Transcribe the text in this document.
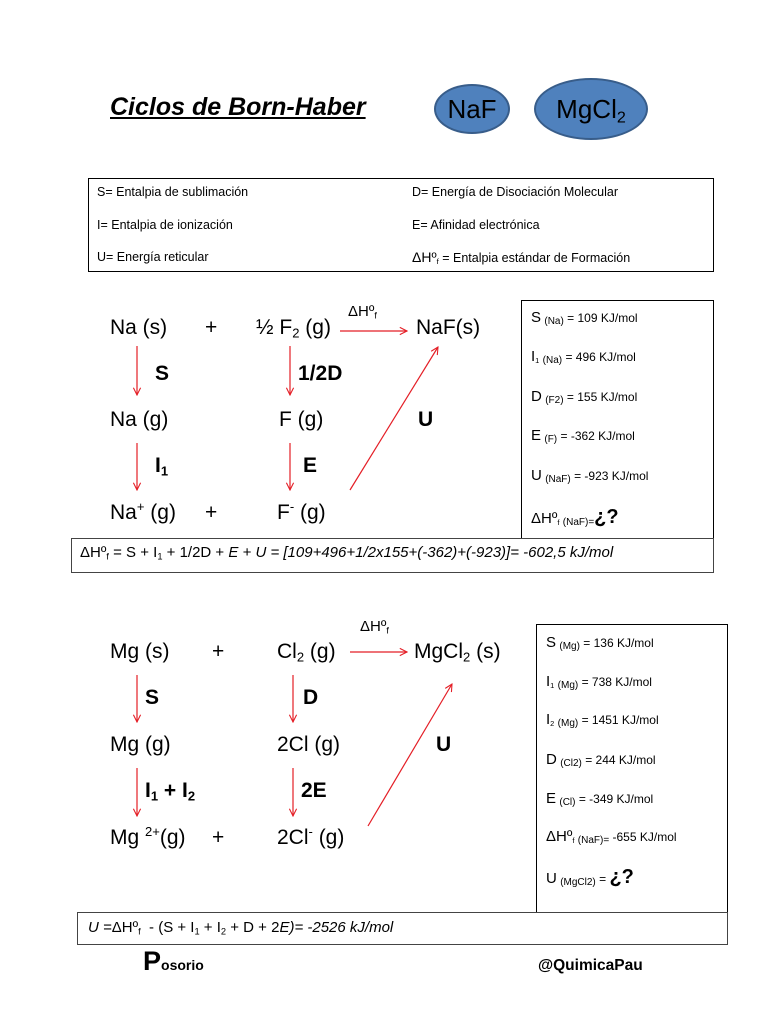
Ciclos de Born-Haber	NaF MgCl2
S= Entalpia de sublimación	D= Energía de Disociación Molecular
I= Entalpia de ionización	E= Afinidad electrónica
U= Energía reticular	ΔHºf = Entalpia estándar de Formación
Na (s) + ½ F2 (g)
ΔHºf
NaF(s)
S	1/2D
Na (g)	F (g)	U
I1	E
Na+ (g) +	F- (g)
S (Na) = 109 KJ/mol
I1 (Na) = 496 KJ/mol
D (F2) = 155 KJ/mol
E (F) = -362 KJ/mol
U (NaF) = -923 KJ/mol
ΔHºf (NaF)=¿?
ΔHºf = S + I1 + 1/2D + E + U = [109+496+1/2x155+(-362)+(-923)]= -602,5 kJ/mol
Mg (s) +	Cl2 (g)
ΔHºf
MgCl2 (s)
S	D
Mg (g)	2Cl (g)	U
I1 + I2	2E
Mg $^{2+}$(g) +	2Cl- (g)
S (Mg) = 136 KJ/mol
I1 (Mg) = 738 KJ/mol
I2 (Mg) = 1451 KJ/mol
D (Cl2) = 244 KJ/mol
E (Cl) = -349 KJ/mol
ΔHºf (NaF)= -655 KJ/mol
U (MgCl2) = ¿?
U =ΔHºf  - (S + I1 + I2 + D + 2E)= -2526 kJ/mol
Posorio	@QuimicaPau
